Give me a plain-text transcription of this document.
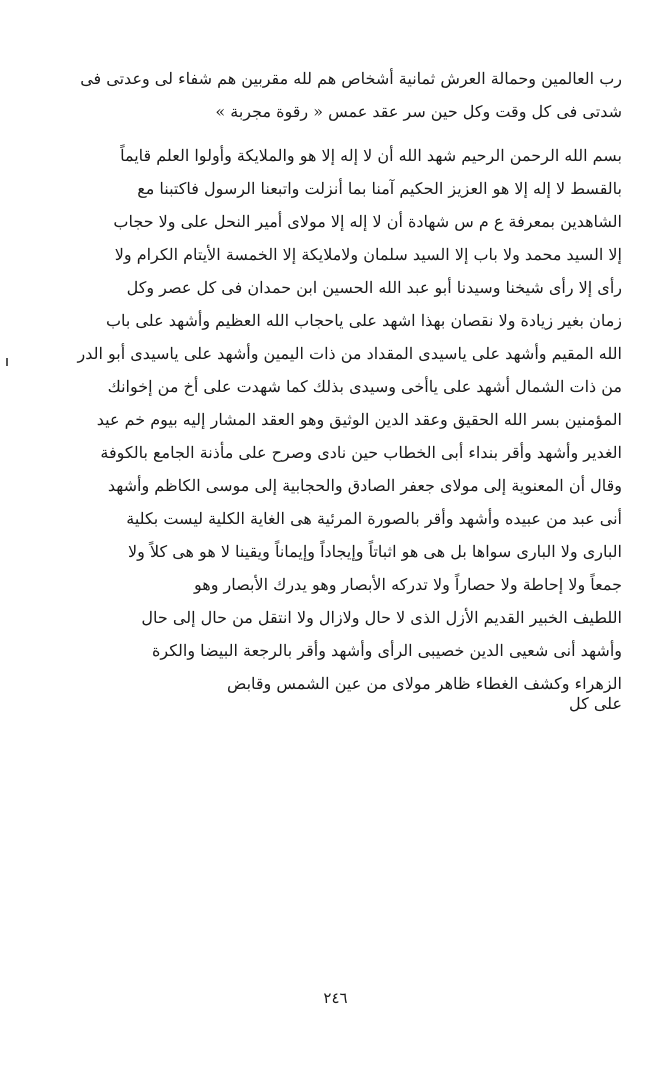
رب العالمين وحمالة العرش ثمانية أشخاص هم لله مقربين هم شفاء لى وعدتى فى
شدتى فى كل وقت وكل حين سر عقد عمس « رقوة مجربة »
بسم الله الرحمن الرحيم شهد الله أن لا إله إلا هو والملايكة وأولوا العلم قايماً
بالقسط لا إله إلا هو العزيز الحكيم آمنا بما أنزلت واتبعنا الرسول فاكتبنا مع
الشاهدين بمعرفة ع م س شهادة أن لا إله إلا مولاى أمير النحل على ولا حجاب
إلا السيد محمد ولا باب إلا السيد سلمان ولاملايكة إلا الخمسة الأيتام الكرام ولا
رأى إلا رأى شيخنا وسيدنا أبو عبد الله الحسين ابن حمدان فى كل عصر وكل
زمان بغير زيادة ولا نقصان بهذا اشهد على ياحجاب الله العظيم وأشهد على باب
الله المقيم وأشهد على ياسيدى المقداد من ذات اليمين وأشهد على ياسيدى أبو الدر
من ذات الشمال أشهد على ياأخى وسيدى بذلك كما شهدت على أخ من إخوانك
المؤمنين بسر الله الحقيق وعقد الدين الوثيق وهو العقد المشار إليه بيوم خم عيد
الغدير وأشهد وأقر بنداء أبى الخطاب حين نادى وصرح على مأذنة الجامع بالكوفة
وقال أن المعنوية إلى مولاى جعفر الصادق والحجابية إلى موسى الكاظم وأشهد
أنى عبد من عبيده وأشهد وأقر بالصورة المرئية هى الغاية الكلية ليست بكلية
البارى ولا البارى سواها بل هى هو اثباتاً وإيجاداً وإيماناً ويقينا لا هو هى كلاً ولا
جمعاً ولا إحاطة ولا حصاراً ولا تدركه الأبصار وهو يدرك الأبصار وهو
اللطيف الخبير القديم الأزل الذى لا حال ولازال ولا انتقل من حال إلى حال
وأشهد أنى شعيى الدين خصيبى الرأى وأشهد وأقر بالرجعة البيضا والكرة
الزهراء وكشف الغطاء ظاهر مولاى من عين الشمس وقابض
على كل
٢٤٦
